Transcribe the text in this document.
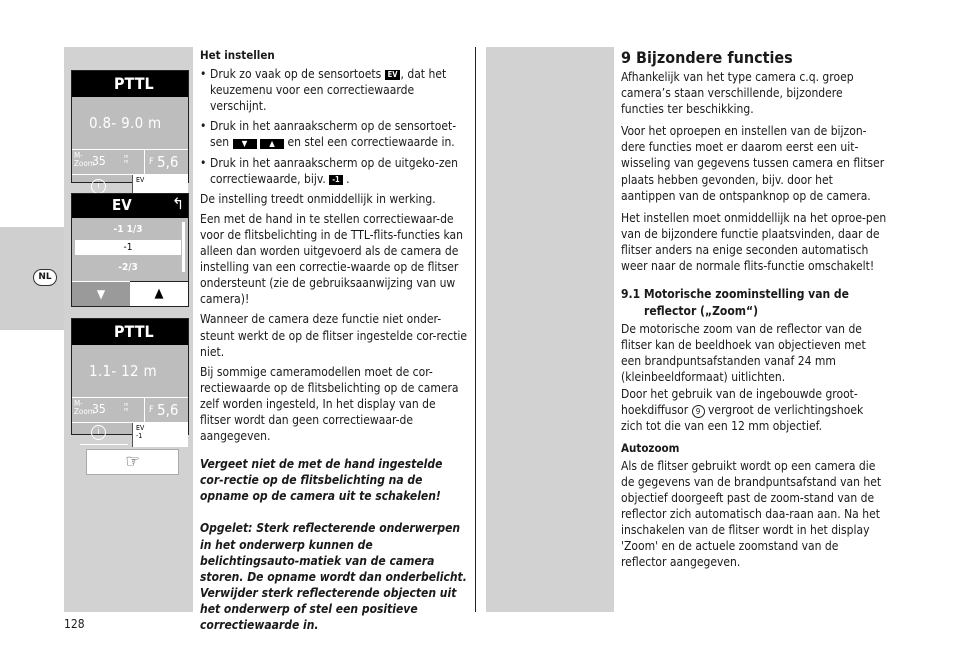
NL
PTTL
0.8- 9.0 m
M-
Zoom
35	m
m F 5,6
i
EV
EV	↰
-1 1/3
-1
-2/3
▼	▲
PTTL
1.1- 12 m
M-
Zoom
35	m
m F 5,6
i	EV
-1
☞
Het instellen
• Druk zo vaak op de sensortoets EV , dat het keuzemenu voor een correctiewaarde verschijnt.
• Druk in het aanraakscherm op de sensortoet-sen ▼	▲ en stel een correctiewaarde in.
• Druk in het aanraakscherm op de uitgeko-zen correctiewaarde, bijv. -1 .

De instelling treedt onmiddellijk in werking.

Een met de hand in te stellen correctiewaar-de voor de flitsbelichting in de TTL-flits-functies kan alleen dan worden uitgevoerd als de camera de instelling van een correctie-waarde op de flitser ondersteunt (zie de gebruiksaanwijzing van uw camera)!

Wanneer de camera deze functie niet onder-steunt werkt de op de flitser ingestelde cor-rectie niet.

Bij sommige cameramodellen moet de cor-rectiewaarde op de flitsbelichting op de camera zelf worden ingesteld, In het display van de flitser wordt dan geen correctiewaar-de aangegeven.

Vergeet niet de met de hand ingestelde cor-rectie op de flitsbelichting na de opname op de camera uit te schakelen!

Opgelet: Sterk reflecterende onderwerpen in het onderwerp kunnen de belichtingsauto-matiek van de camera storen. De opname wordt dan onderbelicht. Verwijder sterk reflecterende objecten uit het onderwerp of stel een positieve correctiewaarde in.

9 Bijzondere functies

Afhankelijk van het type camera c.q. groep camera’s staan verschillende, bijzondere functies ter beschikking.

Voor het oproepen en instellen van de bijzon-dere functies moet er daarom eerst een uit-wisseling van gegevens tussen camera en flitser plaats hebben gevonden, bijv. door het aantippen van de ontspanknop op de camera.

Het instellen moet onmiddellijk na het oproe-pen van de bijzondere functie plaatsvinden, daar de flitser anders na enige seconden automatisch weer naar de normale flits-functie omschakelt!

9.1 Motorische zoominstelling van de
reflector („Zoom“)

De motorische zoom van de reflector van de flitser kan de beeldhoek van objectieven met een brandpuntsafstanden vanaf 24 mm (kleinbeeldformaat) uitlichten.

Door het gebruik van de ingebouwde groot-hoekdiffusor 9 vergroot de verlichtingshoek zich tot die van een 12 mm objectief.

Autozoom

Als de flitser gebruikt wordt op een camera die de gegevens van de brandpuntsafstand van het objectief doorgeeft past de zoom-stand van de reflector zich automatisch daa-raan aan. Na het inschakelen van de flitser wordt in het display 'Zoom' en de actuele zoomstand van de reflector aangegeven.

128
